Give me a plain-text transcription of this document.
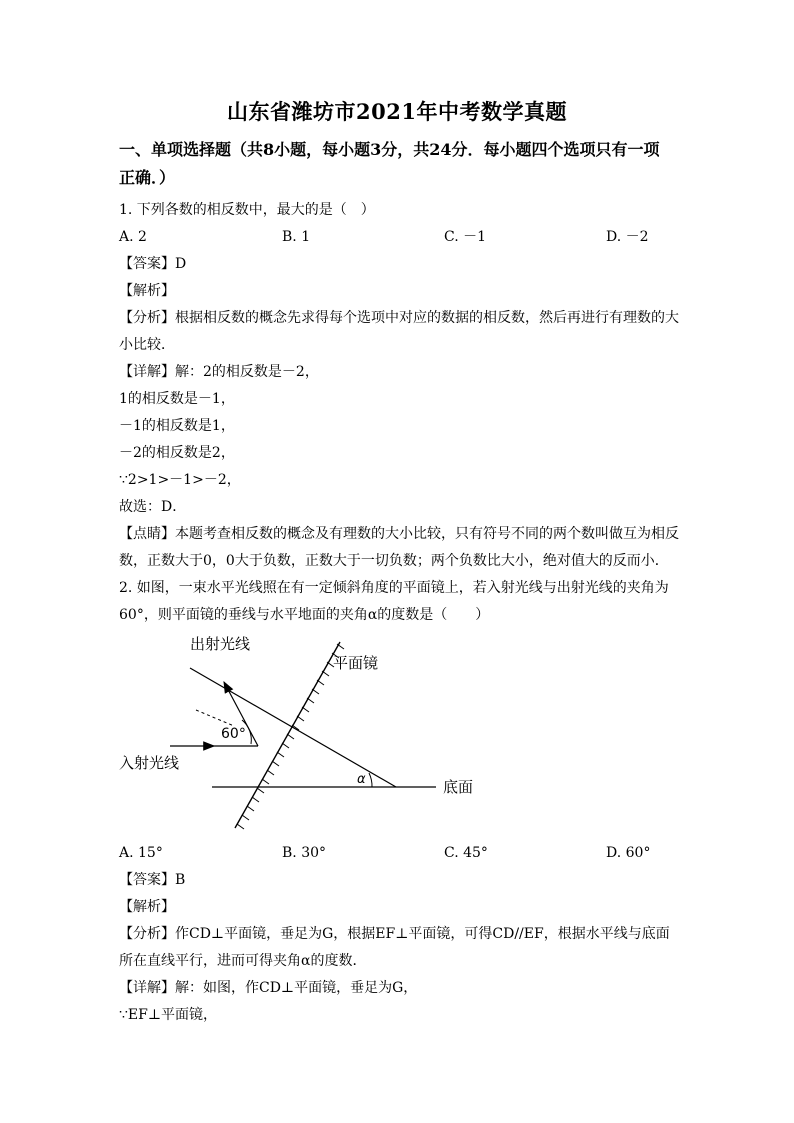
山东省潍坊市2021年中考数学真题
一、单项选择题（共8小题，每小题3分，共24分．每小题四个选项只有一项
正确．）
1. 下列各数的相反数中，最大的是（　）
A. 2	B. 1	C. －1	D. －2
【答案】D
【解析】
【分析】根据相反数的概念先求得每个选项中对应的数据的相反数，然后再进行有理数的大
小比较．
【详解】解：2的相反数是－2，
1的相反数是－1，
－1的相反数是1，
－2的相反数是2，
∵2>1>－1>－2，
故选：D．
【点睛】本题考查相反数的概念及有理数的大小比较，只有符号不同的两个数叫做互为相反
数，正数大于0，0大于负数，正数大于一切负数；两个负数比大小，绝对值大的反而小．
2. 如图，一束水平光线照在有一定倾斜角度的平面镜上，若入射光线与出射光线的夹角为
60°，则平面镜的垂线与水平地面的夹角α的度数是（　　）
出射光线
平面镜
60°
入射光线
α	底面
A. 15°	B. 30°	C. 45°	D. 60°
【答案】B
【解析】
【分析】作CD⊥平面镜，垂足为G，根据EF⊥平面镜，可得CD//EF，根据水平线与底面
所在直线平行，进而可得夹角α的度数．
【详解】解：如图，作CD⊥平面镜，垂足为G，
∵EF⊥平面镜，
